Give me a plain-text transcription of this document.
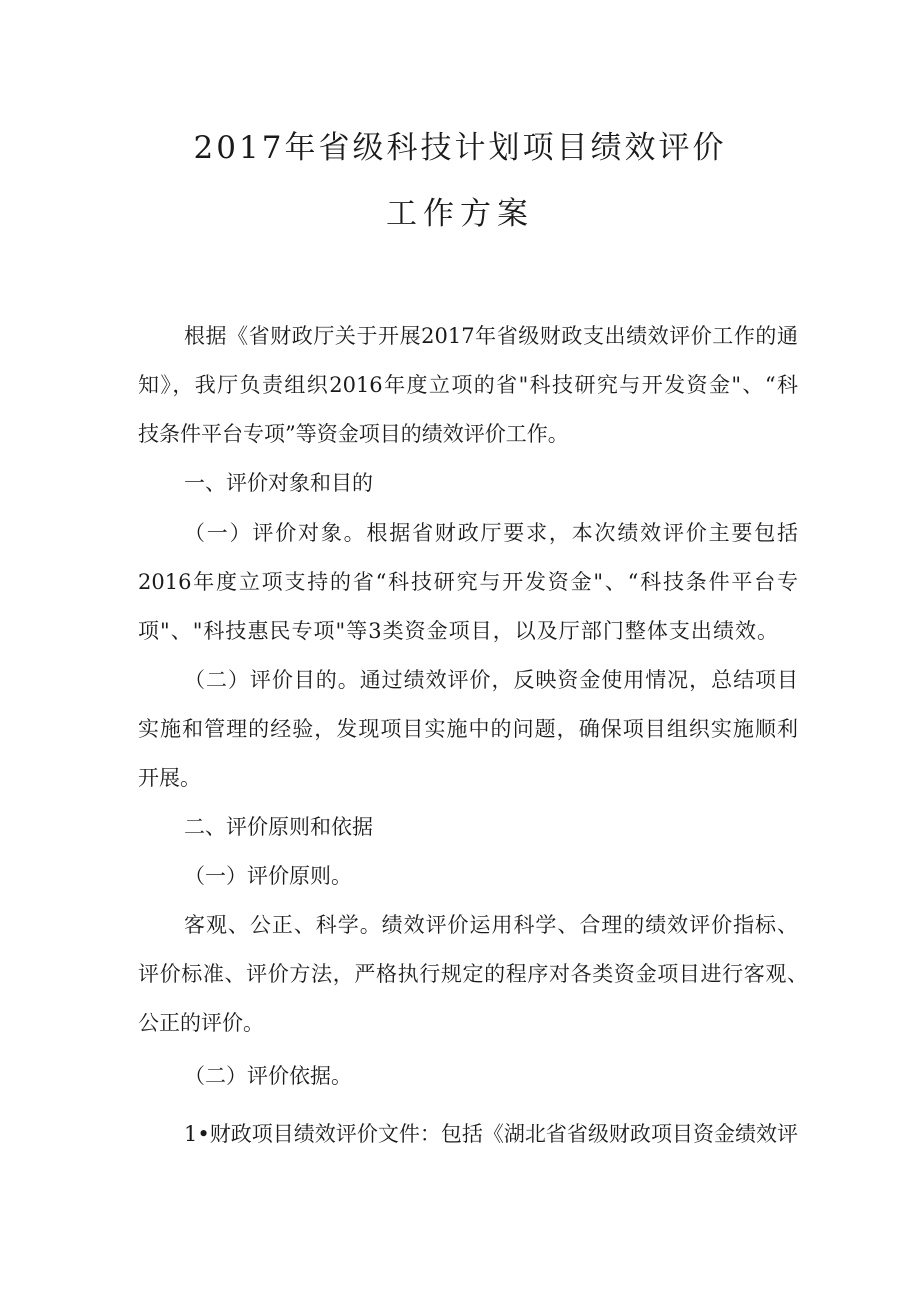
2017年省级科技计划项目绩效评价
工作方案
根据《省财政厅关于开展2017年省级财政支出绩效评价工作的通
知》，我厅负责组织2016年度立项的省"科技研究与开发资金"、“科
技条件平台专项”等资金项目的绩效评价工作。
一、评价对象和目的
（一）评价对象。根据省财政厅要求，本次绩效评价主要包括
2016年度立项支持的省“科技研究与开发资金"、“科技条件平台专
项"、"科技惠民专项"等3类资金项目，以及厅部门整体支出绩效。
（二）评价目的。通过绩效评价，反映资金使用情况，总结项目
实施和管理的经验，发现项目实施中的问题，确保项目组织实施顺利
开展。
二、评价原则和依据
（一）评价原则。
客观、公正、科学。绩效评价运用科学、合理的绩效评价指标、
评价标准、评价方法，严格执行规定的程序对各类资金项目进行客观、
公正的评价。
（二）评价依据。
1•财政项目绩效评价文件：包括《湖北省省级财政项目资金绩效评
